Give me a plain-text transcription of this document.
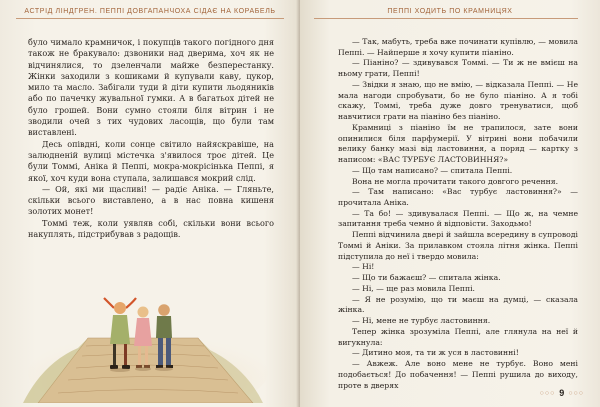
АСТРІД ЛІНДГРЕН. ПЕППІ ДОВГАПАНЧОХА СІДАЄ НА КОРАБЕЛЬ

було чимало крамничок, і покупців такого погідного дня також не бракувало: дзвоники над дверима, хоч як не відчинялися, то дзеленчали майже безперестанку. Жінки заходили з кошиками й купували каву, цукор, мило та масло. Забігали туди й діти купити льодяників або по пачечку жувальної гумки. А в багатьох дітей не було грошей. Вони сумно стояли біля вітрин і не зводили очей з тих чудових ласощів, що були там виставлені.

Десь опівдні, коли сонце світило найяскравіше, на залюдненій вулиці містечка з'явилося троє дітей. Це були Томмі, Аніка й Пеппі, мокра-мокрісінька Пеппі, я якої, хоч куди вона ступала, залишався мокрий слід.

— Ой, які ми щасливі! — радіє Аніка. — Гляньте, скільки всього виставлено, а в нас повна кишеня золотих монет!

Томмі теж, коли уявляв собі, скільки вони всього накуплять, підстрибував з радощів.

ПЕППІ ХОДИТЬ ПО КРАМНИЦЯХ

— Так, мабуть, треба вже починати купівлю, — мовила Пеппі. — Найперше я хочу купити піаніно.

— Піаніно? — здивувався Томмі. — Ти ж не вмієш на ньому грати, Пеппі!

— Звідки я знаю, що не вмію, — відказала Пеппі. — Не мала нагоди спробувати, бо не було піаніно. А я тобі скажу, Томмі, треба дуже довго тренуватися, щоб навчитися грати на піаніно без піаніно.

Крамниці з піаніно їм не трапилося, зате вони опинилися біля парфумерії. У вітрині вони побачили велику банку мазі від ластовиння, а поряд — картку з написом: «ВАС ТУРБУЄ ЛАСТОВИННЯ?»

— Що там написано? — спитала Пеппі.

Вона не могла прочитати такого довгого речення.

— Там написано: «Вас турбує ластовиння?» — прочитала Аніка.

— Та бо! — здивувалася Пеппі. — Що ж, на чемне запитання треба чемно й відповісти. Заходьмо!

Пеппі відчинила двері й зайшла всередину в супроводі Томмі й Аніки. За прилавком стояла літня жінка. Пеппі підступила до неї і твердо мовила:

— Ні!

— Що ти бажаєш? — спитала жінка.

— Ні, — ще раз мовила Пеппі.

— Я не розумію, що ти маєш на думці, — сказала жінка.

— Ні, мене не турбує ластовиння.

Тепер жінка зрозуміла Пеппі, але глянула на неї й вигукнула:

— Дитино моя, та ти ж уся в ластовинні!

— Авжеж. Але воно мене не турбує. Воно мені подобається! До побачення! — Пеппі рушила до виходу, проте в дверях

○○○ 9 ○○○
